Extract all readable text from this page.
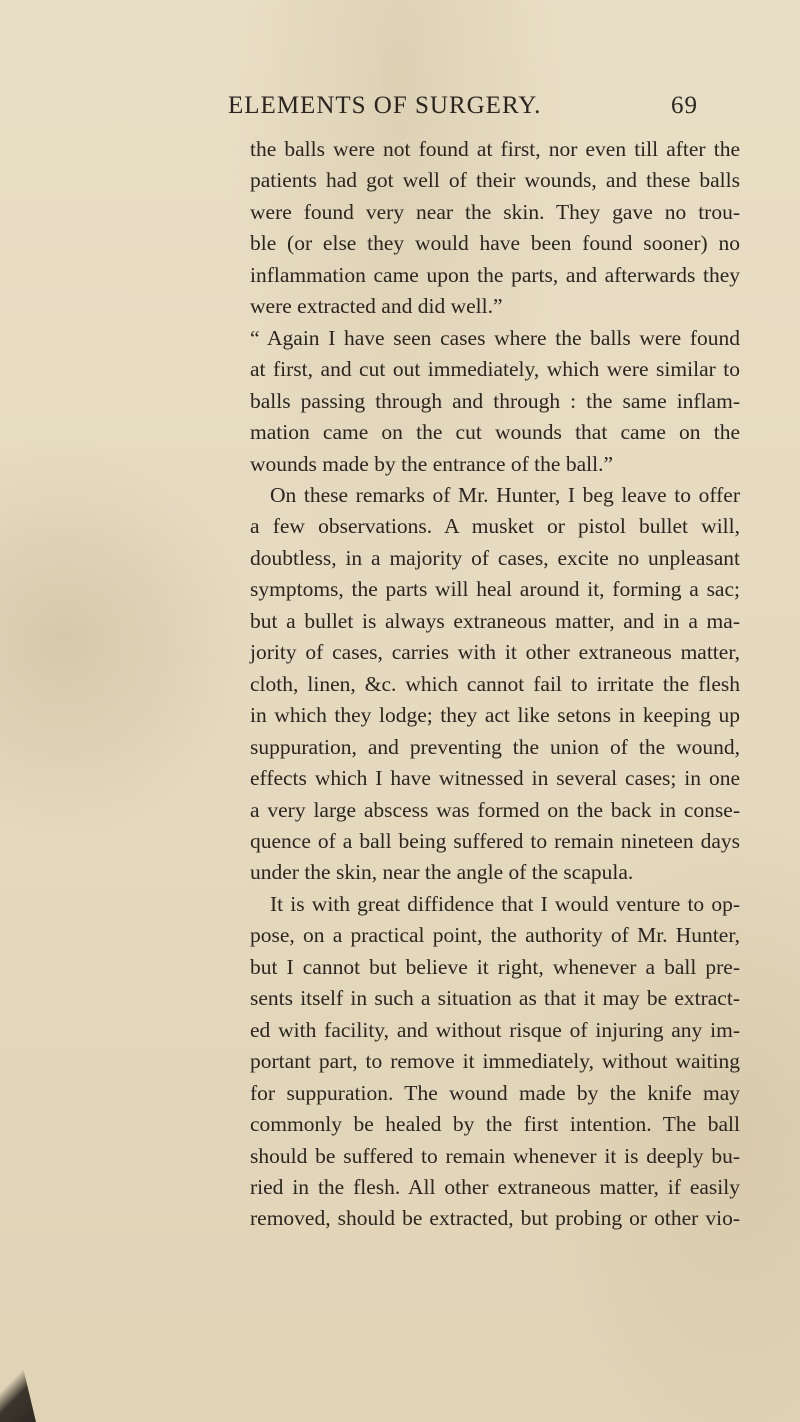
ELEMENTS OF SURGERY.	69
the balls were not found at first, nor even till after the
patients had got well of their wounds, and these balls
were found very near the skin. They gave no trou-
ble (or else they would have been found sooner) no
inflammation came upon the parts, and afterwards they
were extracted and did well.”
“ Again I have seen cases where the balls were found
at first, and cut out immediately, which were similar to
balls passing through and through : the same inflam-
mation came on the cut wounds that came on the
wounds made by the entrance of the ball.”
On these remarks of Mr. Hunter, I beg leave to offer
a few observations. A musket or pistol bullet will,
doubtless, in a majority of cases, excite no unpleasant
symptoms, the parts will heal around it, forming a sac;
but a bullet is always extraneous matter, and in a ma-
jority of cases, carries with it other extraneous matter,
cloth, linen, &c. which cannot fail to irritate the flesh
in which they lodge; they act like setons in keeping up
suppuration, and preventing the union of the wound,
effects which I have witnessed in several cases; in one
a very large abscess was formed on the back in conse-
quence of a ball being suffered to remain nineteen days
under the skin, near the angle of the scapula.
It is with great diffidence that I would venture to op-
pose, on a practical point, the authority of Mr. Hunter,
but I cannot but believe it right, whenever a ball pre-
sents itself in such a situation as that it may be extract-
ed with facility, and without risque of injuring any im-
portant part, to remove it immediately, without waiting
for suppuration. The wound made by the knife may
commonly be healed by the first intention. The ball
should be suffered to remain whenever it is deeply bu-
ried in the flesh. All other extraneous matter, if easily
removed, should be extracted, but probing or other vio-
